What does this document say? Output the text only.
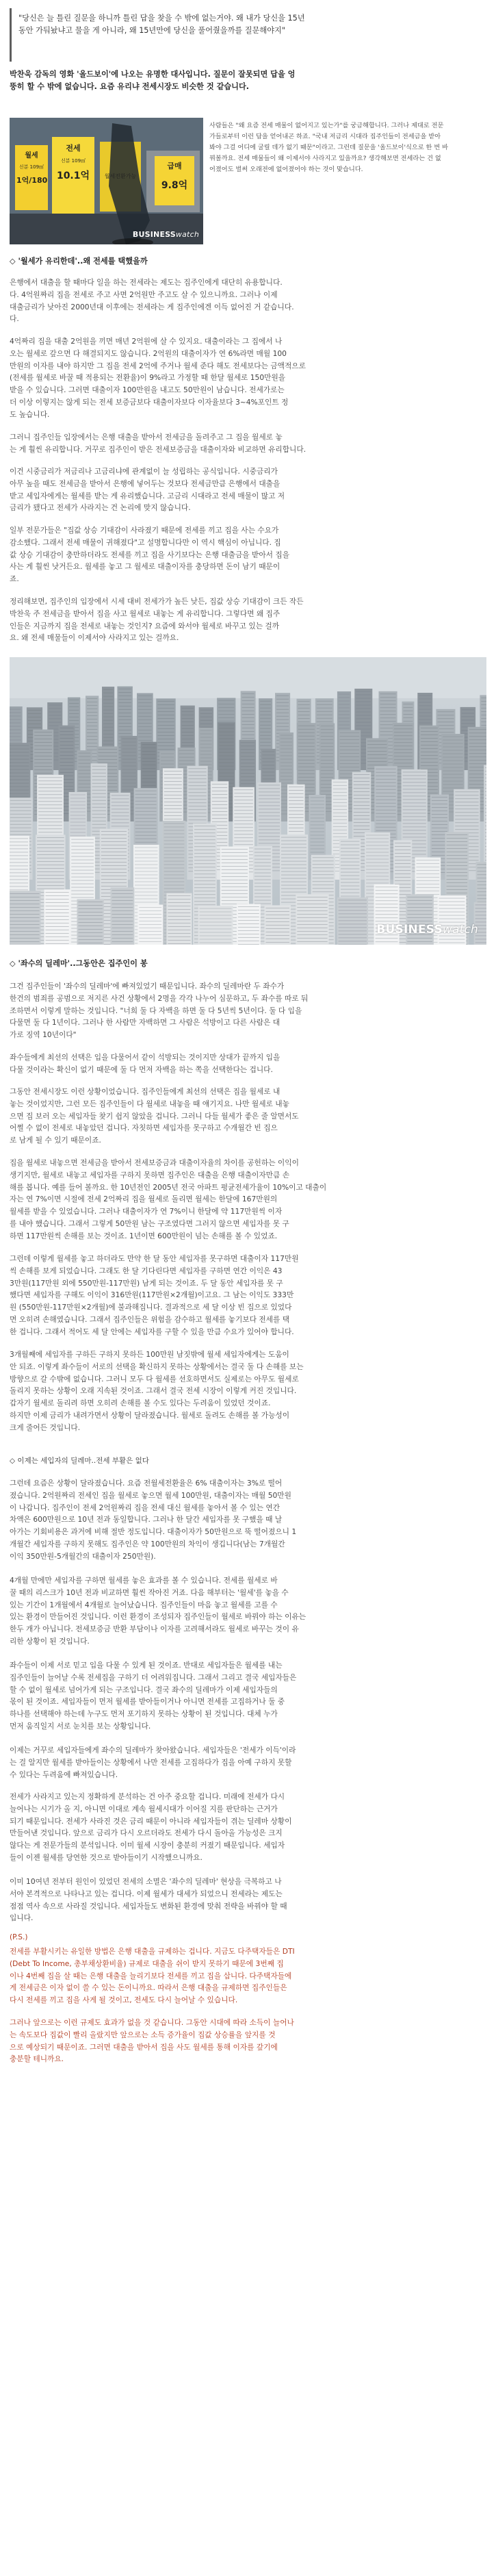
"당신은 늘 틀린 질문을 하니까 틀린 답을 찾을 수 밖에 없는거야. 왜 내가 당신을 15년
동안 가둬놨냐고 물을 게 아니라, 왜 15년만에 당신을 풀어줬을까를 질문해야지"
박찬욱 감독의 영화 '올드보이'에 나오는 유명한 대사입니다. 질문이 잘못되면 답을 엉
뚱히 할 수 밖에 없습니다. 요즘 유리냐 전세시장도 비슷한 것 같습니다.
월세
신분 109㎡
1억/180
전세
신분 109㎡
10.1억	월세전환가능
급매
9.8억
BUSINESSwatch
사람들은 "왜 요즘 전세 매물이 없어지고 있는가"를 궁금해합니다. 그러나 제대로 전문
가들로부터 이런 답을 얻어내곤 하죠. "국내 저금리 시대라 집주인들이 전세금을 받아
봐야 그걸 어디에 굴릴 데가 없기 때문"이라고. 그런데 질문을 '올드보이'식으로 한 번 바
꿔볼까요. 전세 매물들이 왜 이제서야 사라지고 있을까요? 생각해보면 전세라는 건 없
어졌어도 벌써 오래전에 없어졌어야 하는 것이 맞습니다.
◇ '월세가 유리한데'..왜 전세를 택했을까
은행에서 대출을 할 때마다 일을 하는 전세라는 제도는 집주인에게 대단히 유용합니다.
다. 4억원짜리 집을 전세로 주고 사면 2억원만 주고도 살 수 있으니까요. 그러나 이제
대출금리가 낮아진 2000년대 이후에는 전세라는 게 집주인에겐 이득 없어진 거 같습니다.
다.
4억짜리 집을 대출 2억원을 끼면 매년 2억원에 살 수 있지요. 대출이라는 그 집에서 나
오는 월세로 갚으면 다 해결되지도 않습니다. 2억원의 대출이자가 연 6%라면 매월 100
만원의 이자를 내야 하지만 그 집을 전세 2억에 주거나 월세 준다 해도 전세보다는 금액적으로
(전세를 월세로 바꿀 때 적용되는 전환율)이 9%라고 가정할 때 한달 월세로 150만원을
받을 수 있습니다. 그러면 대출이자 100만원을 내고도 50만원이 남습니다. 전세가로는
더 이상 이렇지는 않게 되는 전세 보증금보다 대출이자보다 이자율보다 3~4%포인트 정
도 높습니다.
그러니 집주인들 입장에서는 은행 대출을 받아서 전세금을 돌려주고 그 집을 월세로 놓
는 게 훨씬 유리합니다. 거꾸로 집주인이 받은 전세보증금을 대출이자와 비교하면 유리합니다.
이건 시중금리가 저금리나 고금리냐에 관계없이 늘 성립하는 공식입니다. 시중금리가
아무 높을 때도 전세금을 받아서 은행에 넣어두는 것보다 전세금만큼 은행에서 대출을
받고 세입자에게는 월세를 받는 게 유리했습니다. 고금리 시대라고 전세 매물이 많고 저
금리가 됐다고 전세가 사라지는 건 논리에 맞지 않습니다.
일부 전문가들은 "집값 상승 기대감이 사라졌기 때문에 전세를 끼고 집을 사는 수요가
감소했다. 그래서 전세 매물이 귀해졌다"고 설명합니다만 이 역시 핵심이 아닙니다. 집
값 상승 기대감이 충만하더라도 전세를 끼고 집을 사기보다는 은행 대출금을 받아서 집을
사는 게 훨씬 낫거든요. 월세를 놓고 그 월세로 대출이자를 충당하면 돈이 남기 때문이
죠.
정리해보면, 집주인의 입장에서 시세 대비 전세가가 높든 낮든, 집값 상승 기대감이 크든 작든
박찬욱 주 전세금을 받아서 집을 사고 월세로 내놓는 게 유리합니다. 그렇다면 왜 집주
인들은 지금까지 집을 전세로 내놓는 것인지? 요즘에 와서야 월세로 바꾸고 있는 걸까
요. 왜 전세 매물들이 이제서야 사라지고 있는 걸까요.
BUSINESSwatch
◇ '좌수의 딜레마'..그동안은 집주인이 봉
그건 집주인들이 '좌수의 딜레마'에 빠져있었기 때문입니다. 좌수의 딜레마란 두 좌수가
한건의 범죄를 공범으로 저지른 사건 상황에서 2명을 각각 나누어 심문하고, 두 좌수를 따로 둬
조하면서 이렇게 말하는 것입니다. "너희 둘 다 자백을 하면 둘 다 5년씩 5년이다. 둘 다 입을
다물면 둘 다 1년이다. 그러나 한 사람만 자백하면 그 사람은 석방이고 다른 사람은 대
가로 징역 10년이다"
좌수들에게 최선의 선택은 입을 다물어서 같이 석방되는 것이지만 상대가 끝까지 입을
다물 것이라는 확신이 없기 때문에 둘 다 먼저 자백을 하는 쪽을 선택한다는 겁니다.
그동안 전세시장도 이런 상황이었습니다. 집주인들에게 최선의 선택은 집을 월세로 내
놓는 것이었지만, 그런 모든 집주인들이 다 월세로 내놓을 때 얘기지요. 나만 월세로 내놓
으면 집 보러 오는 세입자들 찾기 쉽지 않았을 겁니다. 그러니 다들 월세가 좋은 줄 알면서도
어쩔 수 없이 전세로 내놓았던 겁니다. 자칫하면 세입자를 못구하고 수개월간 빈 집으
로 남게 될 수 있기 때문이죠.
집을 월세로 내놓으면 전세금을 받아서 전세보증금과 대출이자율의 차이를 공헌하는 이익이
생기지만, 월세로 내놓고 세입자를 구하지 못하면 집주인은 대출을 은행 대출이자만큼 손
해를 봅니다. 예를 들어 볼까요. 한 10년전인 2005년 전국 아파트 평균전세가율이 10%이고 대출이
자는 연 7%이면 시절에 전세 2억짜리 집을 월세로 돌리면 월세는 한달에 167만원의
월세를 받을 수 있었습니다. 그러나 대출이자가 연 7%이니 한달에 약 117만원씩 이자
를 내야 했습니다. 그래서 그렇게 50만원 남는 구조였다면 그러지 않으면 세입자를 못 구
하면 117만원씩 손해를 보는 것이죠. 1년이면 600만원이 넘는 손해를 볼 수 있었죠.
그런데 이렇게 월세를 놓고 하더라도 만약 한 달 동안 세입자를 못구하면 대출이자 117만원
씩 손해를 보게 되었습니다. 그래도 한 달 기다린다면 세입자를 구하면 연간 이익은 43
3만원(117만원 외에 550만원-117만원) 남게 되는 것이죠. 두 달 동안 세입자를 못 구
했다면 세입자를 구해도 이익이 316만원(117만원×2개월)이고요. 그 남는 이익도 333만
원 (550만원-117만원×2개월)에 불과해집니다. 결과적으로 세 달 이상 빈 집으로 있었다
면 오히려 손해였습니다. 그래서 집주인들은 위험을 감수하고 월세를 놓기보다 전세를 택
한 겁니다. 그래서 적어도 세 달 안에는 세입자를 구할 수 있을 만큼 수요가 있어야 합니다.
3개월째에 세입자를 구하든 구하지 못하든 100만원 남짓밖에 월세 세입자에게는 도움이
안 되죠. 이렇게 좌수들이 서로의 선택을 확신하지 못하는 상황에서는 결국 둘 다 손해를 보는
방향으로 갈 수밖에 없습니다. 그러니 모두 다 월세를 선호하면서도 실제로는 아무도 월세로
돌리지 못하는 상황이 오래 지속된 것이죠. 그래서 결국 전세 시장이 이렇게 커진 것입니다.
갑자기 월세로 돌리려 하면 오히려 손해를 볼 수도 있다는 두려움이 있었던 것이죠.
하지만 이제 금리가 내려가면서 상황이 달라졌습니다. 월세로 돌려도 손해를 볼 가능성이
크게 줄어든 것입니다.
◇ 이제는 세입자의 딜레마..전세 부활은 없다
그런데 요즘은 상황이 달라졌습니다. 요즘 전월세전환율은 6% 대출이자는 3%로 떨어
졌습니다. 2억원짜리 전세인 집을 월세로 놓으면 월세 100만원, 대출이자는 매월 50만원
이 나갑니다. 집주인이 전세 2억원짜리 집을 전세 대신 월세를 놓아서 볼 수 있는 연간
차액은 600만원으로 10년 전과 동일합니다. 그러나 한 달간 세입자를 못 구했을 때 날
아가는 기회비용은 과거에 비해 절반 정도입니다. 대출이자가 50만원으로 뚝 떨어졌으니 1
개월간 세입자를 구하지 못해도 집주인은 약 100만원의 차익이 생깁니다(남는 7개월간
이익 350만원-5개월간의 대출이자 250만원).
4개월 만에만 세입자를 구하면 월세를 놓은 효과를 볼 수 있습니다. 전세를 월세로 바
꿀 때의 리스크가 10년 전과 비교하면 훨씬 작아진 거죠. 다음 해부터는 '월세'를 놓을 수
있는 기간이 1개월에서 4개월로 늘어났습니다. 집주인들이 마음 놓고 월세를 고를 수
있는 환경이 만들어진 것입니다. 이런 환경이 조성되자 집주인들이 월세로 바꿔야 하는 이유는
한두 개가 아닙니다. 전세보증금 반환 부담이나 이자를 고려해서라도 월세로 바꾸는 것이 유
리한 상황이 된 것입니다.
좌수들이 이제 서로 믿고 입을 다물 수 있게 된 것이죠. 반대로 세입자들은 월세를 내는
집주인들이 늘어날 수록 전세집을 구하기 더 어려워집니다. 그래서 그리고 결국 세입자들은
할 수 없이 월세로 넘어가게 되는 구조입니다. 결국 좌수의 딜레마가 이제 세입자들의
몫이 된 것이죠. 세입자들이 먼저 월세를 받아들이거나 아니면 전세를 고집하거나 둘 중
하나를 선택해야 하는데 누구도 먼저 포기하지 못하는 상황이 된 것입니다. 대체 누가
먼저 움직일지 서로 눈치를 보는 상황입니다.
이제는 거꾸로 세입자들에게 좌수의 딜레마가 찾아왔습니다. 세입자들은 '전세가 이득'이라
는 걸 알지만 월세를 받아들이는 상황에서 나만 전세를 고집하다가 집을 아예 구하지 못할
수 있다는 두려움에 빠져있습니다.
전세가 사라지고 있는지 정확하게 분석하는 건 아주 중요할 겁니다. 미래에 전세가 다시
늘어나는 시기가 올 지, 아니면 이대로 계속 월세시대가 이어질 지를 판단하는 근거가
되기 때문입니다. 전세가 사라진 것은 금리 때문이 아니라 세입자들이 겪는 딜레마 상황이
만들어낸 것입니다. 앞으로 금리가 다시 오르더라도 전세가 다시 돌아올 가능성은 크지
않다는 게 전문가들의 분석입니다. 이미 월세 시장이 충분히 커졌기 때문입니다. 세입자
들이 이젠 월세를 당연한 것으로 받아들이기 시작했으니까요.
이미 10여년 전부터 원인이 있었던 전세의 소멸은 '좌수의 딜레마' 현상을 극복하고 나
서야 본격적으로 나타나고 있는 겁니다. 이제 월세가 대세가 되었으니 전세라는 제도는
점점 역사 속으로 사라질 것입니다. 세입자들도 변화된 환경에 맞춰 전략을 바꿔야 할 때
입니다.
(P.S.)
전세를 부활시키는 유일한 방법은 은행 대출을 규제하는 겁니다. 지금도 다주택자들은 DTI
(Debt To Income, 총부채상환비율) 규제로 대출을 쉬이 받지 못하기 때문에 3번째 집
이나 4번째 집을 살 때는 은행 대출을 늘리기보다 전세를 끼고 집을 삽니다. 다주택자들에
게 전세금은 이자 없이 쓸 수 있는 돈이니까요. 따라서 은행 대출을 규제하면 집주인들은
다시 전세를 끼고 집을 사게 될 것이고, 전세도 다시 늘어날 수 있습니다.
그러나 앞으로는 이런 규제도 효과가 없을 것 같습니다. 그동안 시대에 따라 소득이 늘어나
는 속도보다 집값이 빨리 올랐지만 앞으로는 소득 증가율이 집값 상승률을 앞지를 것
으로 예상되기 때문이죠. 그러면 대출을 받아서 집을 사도 월세를 통해 이자를 갚기에
충분할 테니까요.
